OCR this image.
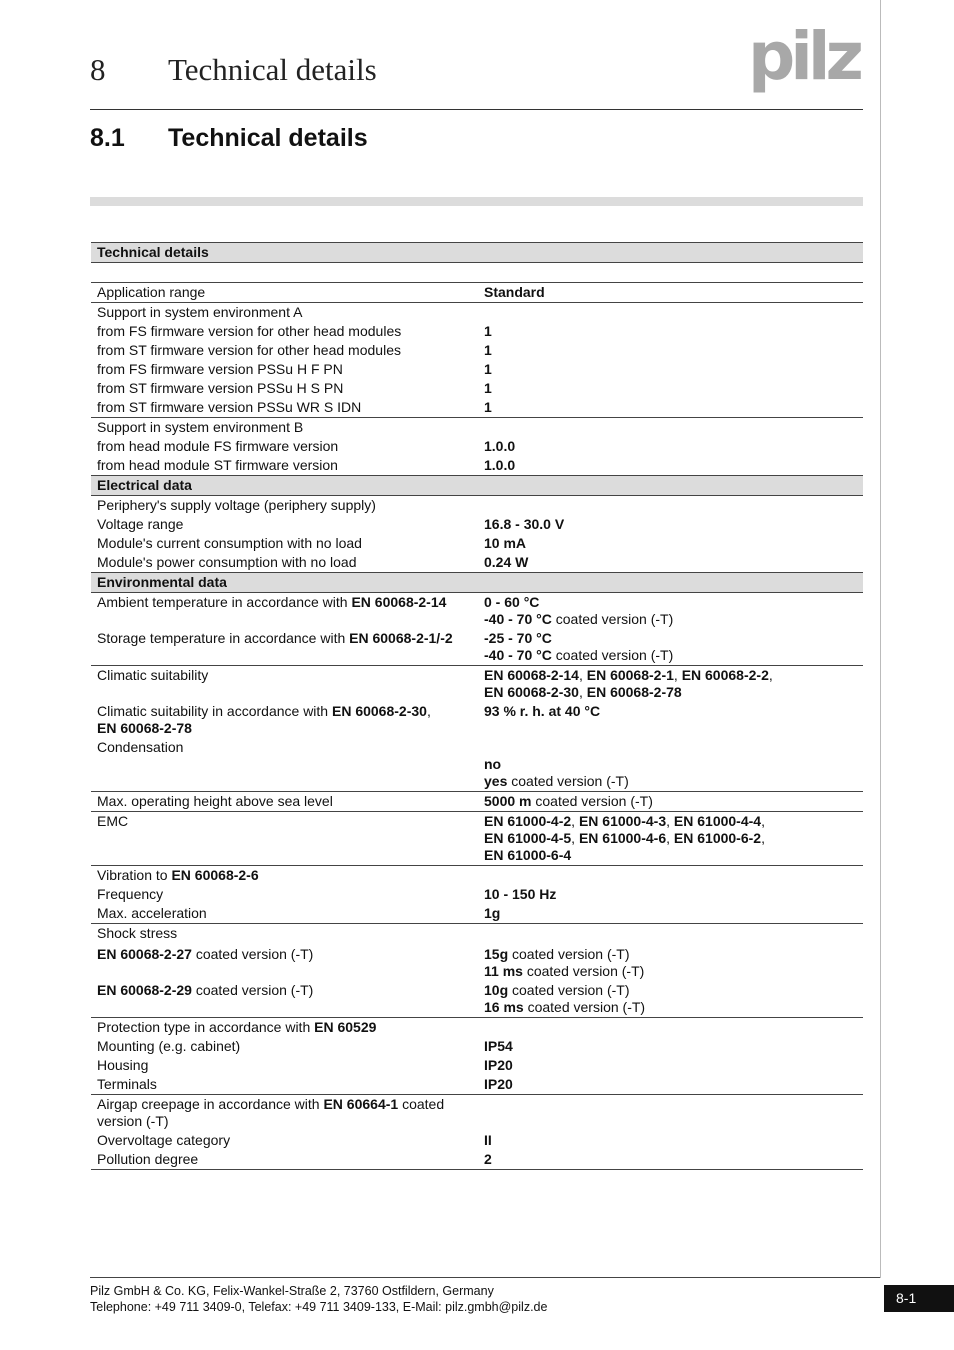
8 Technical details	pilz
8.1 Technical details
Technical details	

Application range	Standard
Support in system environment A	
from FS firmware version for other head modules	1
from ST firmware version for other head modules	1
from FS firmware version PSSu H F PN	1
from ST firmware version PSSu H S PN	1
from ST firmware version PSSu WR S IDN	1
Support in system environment B	
from head module FS firmware version	1.0.0
from head module ST firmware version	1.0.0
Electrical data	
Periphery's supply voltage (periphery supply)	
Voltage range	16.8 - 30.0 V
Module's current consumption with no load	10 mA
Module's power consumption with no load	0.24 W
Environmental data	
Ambient temperature in accordance with EN 60068-2-14	0 - 60 °C
-40 - 70 °C coated version (-T)
Storage temperature in accordance with EN 60068-2-1/-2	-25 - 70 °C
-40 - 70 °C coated version (-T)
Climatic suitability	EN 60068-2-14, EN 60068-2-1, EN 60068-2-2,
EN 60068-2-30, EN 60068-2-78
Climatic suitability in accordance with EN 60068-2-30,
EN 60068-2-78	93 % r. h. at 40 °C
Condensation	no
yes coated version (-T)
Max. operating height above sea level	5000 m coated version (-T)
EMC	EN 61000-4-2, EN 61000-4-3, EN 61000-4-4,
EN 61000-4-5, EN 61000-4-6, EN 61000-6-2,
EN 61000-6-4
Vibration to EN 60068-2-6	
Frequency	10 - 150 Hz
Max. acceleration	1g
Shock stress	
EN 60068-2-27 coated version (-T)	15g coated version (-T)
11 ms coated version (-T)
EN 60068-2-29 coated version (-T)	10g coated version (-T)
16 ms coated version (-T)
Protection type in accordance with EN 60529	
Mounting (e.g. cabinet)	IP54
Housing	IP20
Terminals	IP20
Airgap creepage in accordance with EN 60664-1 coated version (-T)	
Overvoltage category	II
Pollution degree	2
Pilz GmbH & Co. KG, Felix-Wankel-Straße 2, 73760 Ostfildern, Germany
Telephone: +49 711 3409-0, Telefax: +49 711 3409-133, E-Mail: pilz.gmbh@pilz.de
8-1
